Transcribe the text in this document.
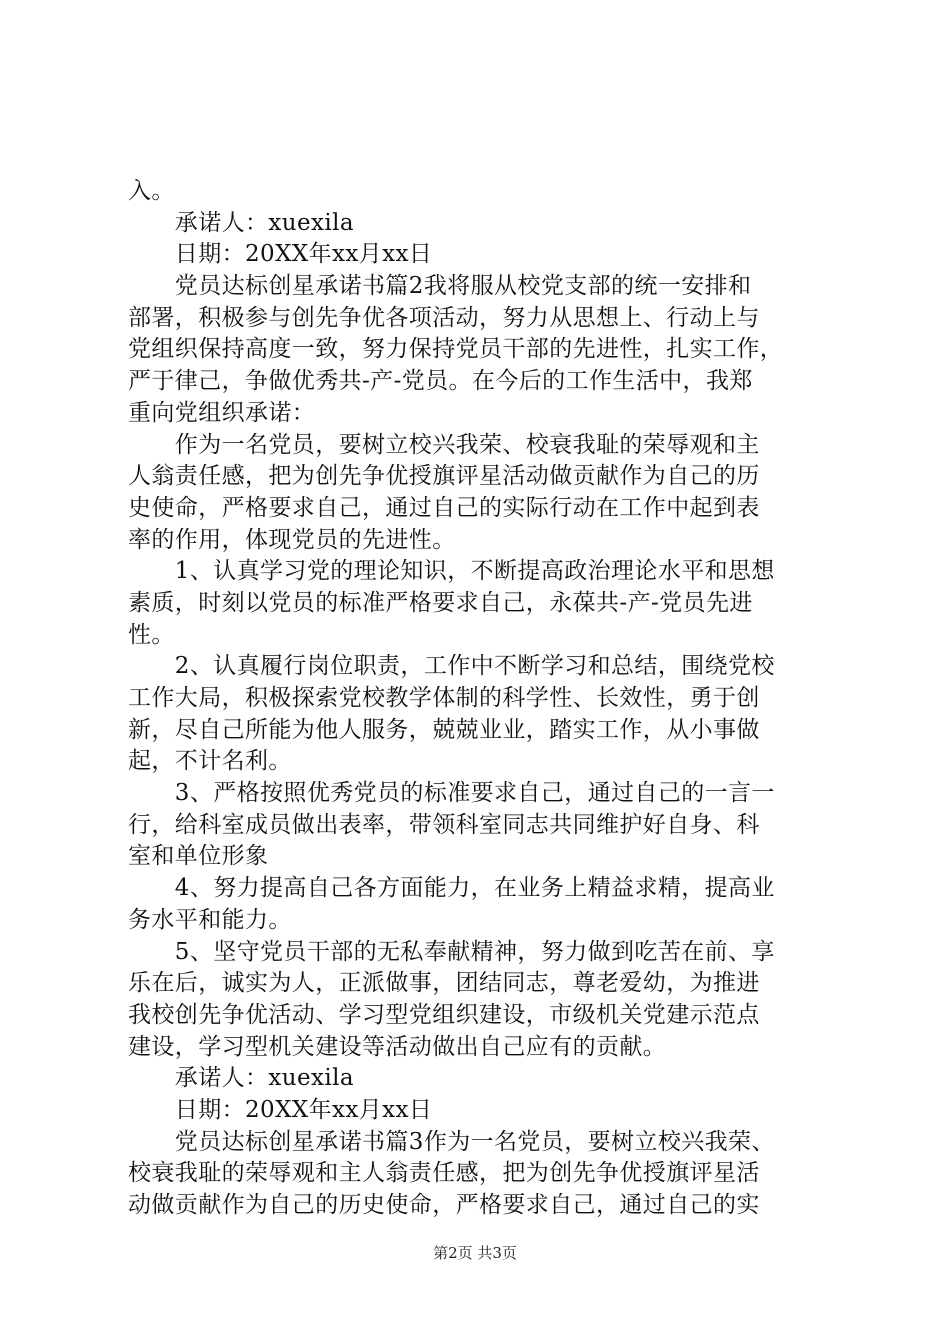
入。
　　承诺人：xuexila
　　日期：20XX年xx月xx日
　　党员达标创星承诺书篇2我将服从校党支部的统一安排和
部署，积极参与创先争优各项活动，努力从思想上、行动上与
党组织保持高度一致，努力保持党员干部的先进性，扎实工作，
严于律己，争做优秀共-产-党员。在今后的工作生活中，我郑
重向党组织承诺：
　　作为一名党员，要树立校兴我荣、校衰我耻的荣辱观和主
人翁责任感，把为创先争优授旗评星活动做贡献作为自己的历
史使命，严格要求自己，通过自己的实际行动在工作中起到表
率的作用，体现党员的先进性。
　　1、认真学习党的理论知识，不断提高政治理论水平和思想
素质，时刻以党员的标准严格要求自己，永葆共-产-党员先进
性。
　　2、认真履行岗位职责，工作中不断学习和总结，围绕党校
工作大局，积极探索党校教学体制的科学性、长效性，勇于创
新，尽自己所能为他人服务，兢兢业业，踏实工作，从小事做
起，不计名利。
　　3、严格按照优秀党员的标准要求自己，通过自己的一言一
行，给科室成员做出表率，带领科室同志共同维护好自身、科
室和单位形象
　　4、努力提高自己各方面能力，在业务上精益求精，提高业
务水平和能力。
　　5、坚守党员干部的无私奉献精神，努力做到吃苦在前、享
乐在后，诚实为人，正派做事，团结同志，尊老爱幼，为推进
我校创先争优活动、学习型党组织建设，市级机关党建示范点
建设，学习型机关建设等活动做出自己应有的贡献。
　　承诺人：xuexila
　　日期：20XX年xx月xx日
　　党员达标创星承诺书篇3作为一名党员，要树立校兴我荣、
校衰我耻的荣辱观和主人翁责任感，把为创先争优授旗评星活
动做贡献作为自己的历史使命，严格要求自己，通过自己的实
第2页 共3页
